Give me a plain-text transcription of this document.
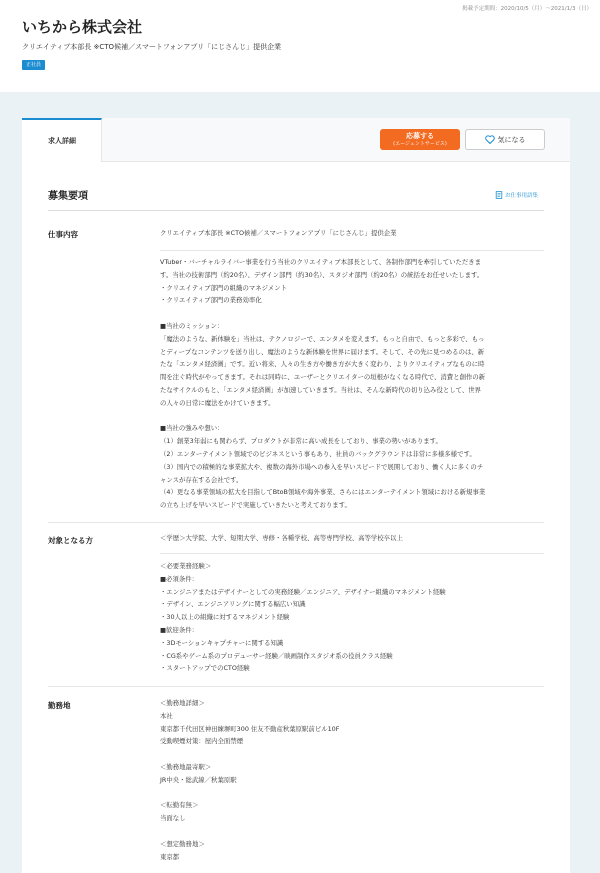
掲載予定期間：2020/10/5（月）～2021/1/3（日）
いちから株式会社
クリエイティブ本部長 ※CTO候補／スマートフォンアプリ「にじさんじ」提供企業
正社員
求人詳細
応募する
(エージェントサービス)
気になる
募集要項	お仕事用語集
仕事内容	クリエイティブ本部長 ※CTO候補／スマートフォンアプリ「にじさんじ」提供企業
VTuber・バーチャルライバー事業を行う当社のクリエイティブ本部長として、各制作部門を牽引していただきま
す。当社の技術部門（約20名）、デザイン部門（約30名）、スタジオ部門（約20名）の統括をお任せいたします。
・クリエイティブ部門の組織のマネジメント
・クリエイティブ部門の業務効率化
■当社のミッション：
「魔法のような、新体験を」当社は、テクノロジーで、エンタメを変えます。もっと自由で、もっと多彩で、もっ
とディープなコンテンツを送り出し、魔法のような新体験を世界に届けます。そして、その先に見つめるのは、新
たな「エンタメ経済圏」です。近い将来、人々の生き方や働き方が大きく変わり、よりクリエイティブなものに時
間を注ぐ時代がやってきます。それは同時に、ユーザーとクリエイターの垣根がなくなる時代で、消費と創作の新
たなサイクルのもと、「エンタメ経済圏」が加速していきます。当社は、そんな新時代の切り込み役として、世界
の人々の日常に魔法をかけていきます。
■当社の強みや想い：
（1）創業3年弱にも関わらず、プロダクトが非常に高い成長をしており、事業の勢いがあります。
（2）エンターテイメント領域でのビジネスという事もあり、社員のバックグラウンドは非常に多様多様です。
（3）国内での積極的な事業拡大や、複数の海外市場への参入を早いスピードで展開しており、働く人に多くのチ
ャンスが存在する会社です。
（4）更なる事業領域の拡大を目指してBtoB領域や海外事業、さらにはエンターテイメント領域における新規事業
の立ち上げを早いスピードで実施していきたいと考えております。
対象となる方	＜学歴＞大学院、大学、短期大学、専修・各種学校、高等専門学校、高等学校卒以上
＜必要業務経験＞
■必須条件：
・エンジニアまたはデザイナーとしての実務経験／エンジニア、デザイナー組織のマネジメント経験
・デザイン、エンジニアリングに関する幅広い知識
・30人以上の組織に対するマネジメント経験
■歓迎条件：
・3Dモーションキャプチャーに関する知識
・CG系やゲーム系のプロデューサー経験／映画制作スタジオ系の役員クラス経験
・スタートアップでのCTO経験
勤務地	＜勤務地詳細＞
本社
東京都千代田区神田練塀町300 住友不動産秋葉原駅前ビル10F
受動喫煙対策：屋内全面禁煙
＜勤務地最寄駅＞
JR中央・総武線／秋葉原駅
＜転勤有無＞
当面なし
＜想定勤務地＞
東京都
